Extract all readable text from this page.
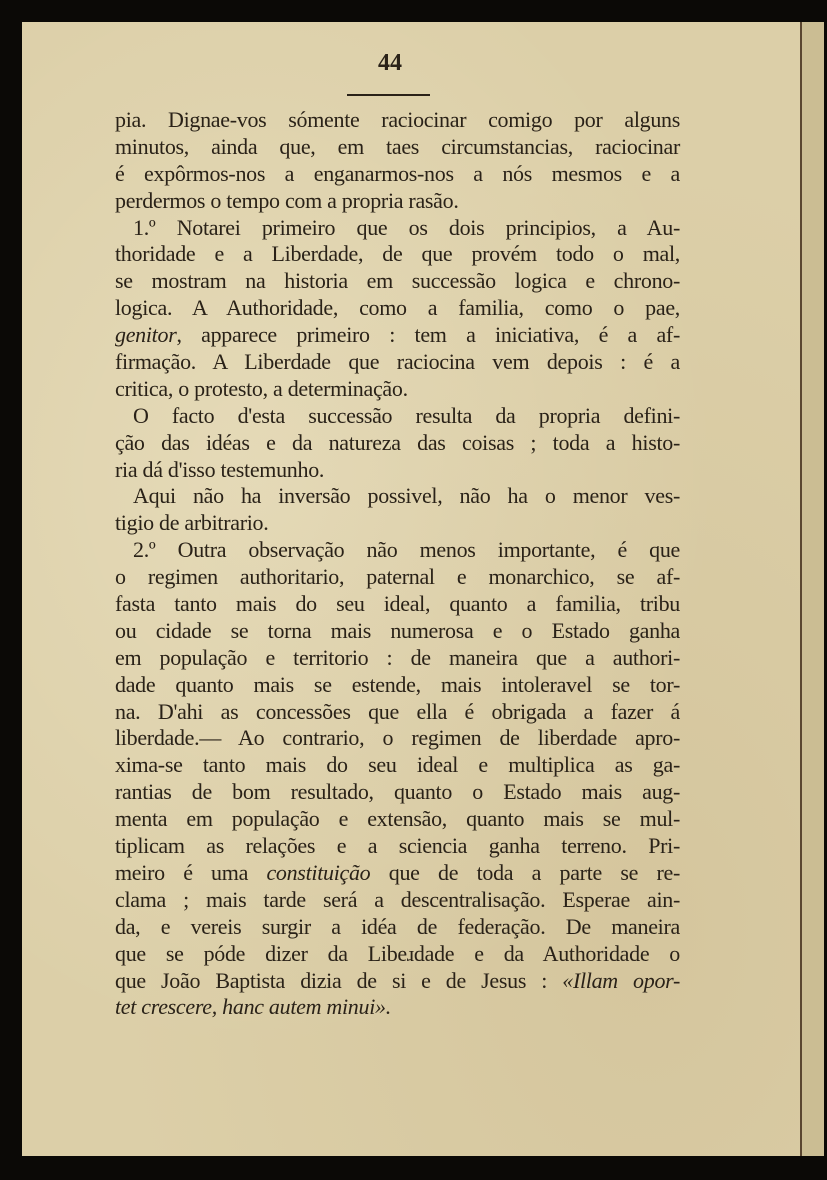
44
pia. Dignae-vos sómente raciocinar comigo por alguns
minutos, ainda que, em taes circumstancias, raciocinar
é expôrmos-nos a enganarmos-nos a nós mesmos e a
perdermos o tempo com a propria rasão.
1.º Notarei primeiro que os dois principios, a Au-
thoridade e a Liberdade, de que provém todo o mal,
se mostram na historia em successão logica e chrono-
logica. A Authoridade, como a familia, como o pae,
genitor, apparece primeiro : tem a iniciativa, é a af-
firmação. A Liberdade que raciocina vem depois : é a
critica, o protesto, a determinação.
O facto d'esta successão resulta da propria defini-
ção das idéas e da natureza das coisas ; toda a histo-
ria dá d'isso testemunho.
Aqui não ha inversão possivel, não ha o menor ves-
tigio de arbitrario.
2.º Outra observação não menos importante, é que
o regimen authoritario, paternal e monarchico, se af-
fasta tanto mais do seu ideal, quanto a familia, tribu
ou cidade se torna mais numerosa e o Estado ganha
em população e territorio : de maneira que a authori-
dade quanto mais se estende, mais intoleravel se tor-
na. D'ahi as concessões que ella é obrigada a fazer á
liberdade.— Ao contrario, o regimen de liberdade apro-
xima-se tanto mais do seu ideal e multiplica as ga-
rantias de bom resultado, quanto o Estado mais aug-
menta em população e extensão, quanto mais se mul-
tiplicam as relações e a sciencia ganha terreno. Pri-
meiro é uma constituição que de toda a parte se re-
clama ; mais tarde será a descentralisação. Esperae ain-
da, e vereis surgir a idéa de federação. De maneira
que se póde dizer da Libeɹdade e da Authoridade o
que João Baptista dizia de si e de Jesus : «Illam opor-
tet crescere, hanc autem minui».
